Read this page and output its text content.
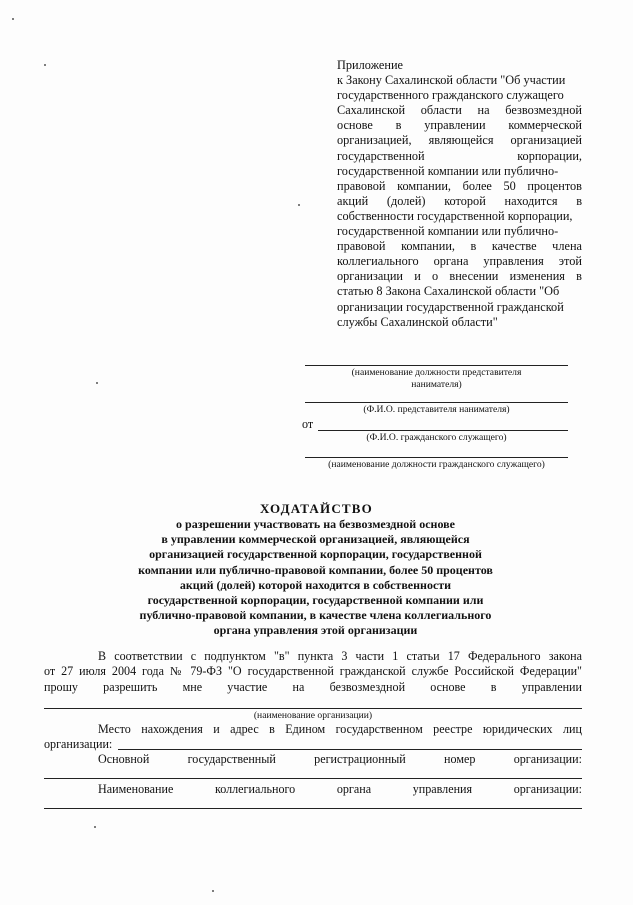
Приложение
к Закону Сахалинской области "Об участии
государственного гражданского служащего
Сахалинской области на безвозмездной
основе в управлении коммерческой
организацией, являющейся организацией
государственной корпорации,
государственной компании или публично-
правовой компании, более 50 процентов
акций (долей) которой находится в
собственности государственной корпорации,
государственной компании или публично-
правовой компании, в качестве члена
коллегиального органа управления этой
организации и о внесении изменения в
статью 8 Закона Сахалинской области "Об
организации государственной гражданской
службы Сахалинской области"
(наименование должности представителя
нанимателя)
(Ф.И.О. представителя нанимателя)
от
(Ф.И.О. гражданского служащего)
(наименование должности гражданского служащего)
ХОДАТАЙСТВО
о разрешении участвовать на безвозмездной основе
в управлении коммерческой организацией, являющейся
организацией государственной корпорации, государственной
компании или публично-правовой компании, более 50 процентов
акций (долей) которой находится в собственности
государственной корпорации, государственной компании или
публично-правовой компании, в качестве члена коллегиального
органа управления этой организации
В соответствии с подпунктом "в" пункта 3 части 1 статьи 17 Федерального закона
от 27 июля 2004 года № 79-ФЗ "О государственной гражданской службе Российской Федерации"
прошу разрешить мне участие на безвозмездной основе в управлении
(наименование организации)
Место нахождения и адрес в Едином государственном реестре юридических лиц
организации:
Основной государственный регистрационный номер организации:
Наименование коллегиального органа управления организации:
